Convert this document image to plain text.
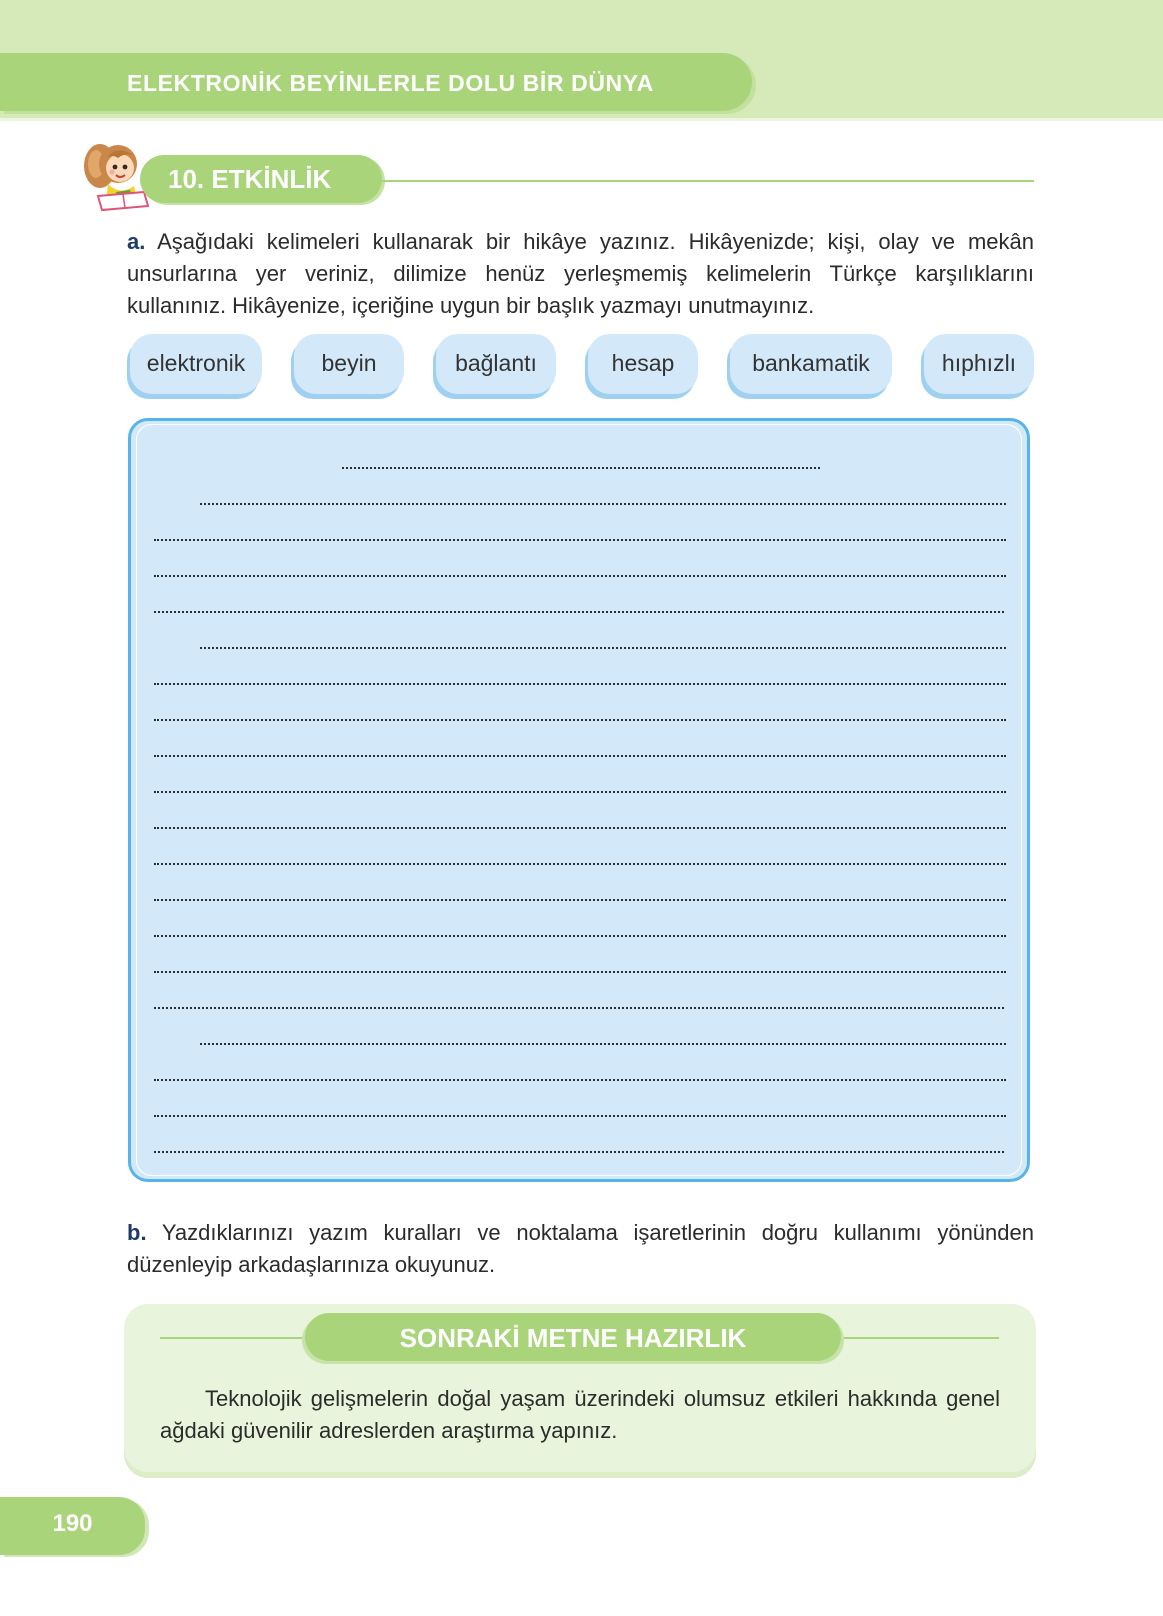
ELEKTRONİK BEYİNLERLE DOLU BİR DÜNYA
10. ETKİNLİK
a. Aşağıdaki kelimeleri kullanarak bir hikâye yazınız. Hikâyenizde; kişi, olay ve mekân unsurlarına yer veriniz, dilimize henüz yerleşmemiş kelimelerin Türkçe karşılıklarını kullanınız. Hikâyenize, içeriğine uygun bir başlık yazmayı unutmayınız.
elektronik	beyin	bağlantı	hesap	bankamatik	hıphızlı
b. Yazdıklarınızı yazım kuralları ve noktalama işaretlerinin doğru kullanımı yönünden düzenleyip arkadaşlarınıza okuyunuz.
SONRAKİ METNE HAZIRLIK
Teknolojik gelişmelerin doğal yaşam üzerindeki olumsuz etkileri hakkında genel ağdaki güvenilir adreslerden araştırma yapınız.
190
